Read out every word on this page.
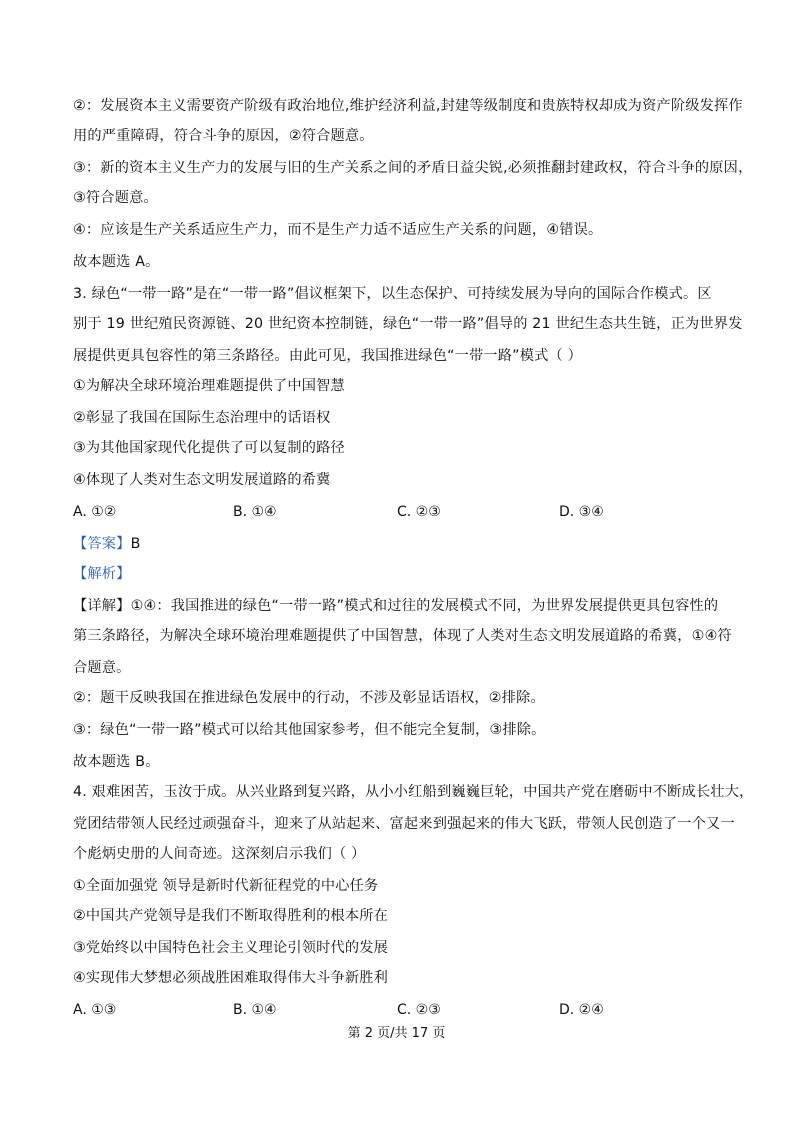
②：发展资本主义需要资产阶级有政治地位,维护经济利益,封建等级制度和贵族特权却成为资产阶级发挥作
用的严重障碍，符合斗争的原因，②符合题意。
③：新的资本主义生产力的发展与旧的生产关系之间的矛盾日益尖锐,必须推翻封建政权，符合斗争的原因，
③符合题意。
④：应该是生产关系适应生产力，而不是生产力适不适应生产关系的问题，④错误。
故本题选 A。
3. 绿色“一带一路”是在“一带一路”倡议框架下，以生态保护、可持续发展为导向的国际合作模式。区
别于 19 世纪殖民资源链、20 世纪资本控制链，绿色“一带一路”倡导的 21 世纪生态共生链，正为世界发
展提供更具包容性的第三条路径。由此可见，我国推进绿色“一带一路”模式（ ）
①为解决全球环境治理难题提供了中国智慧
②彰显了我国在国际生态治理中的话语权
③为其他国家现代化提供了可以复制的路径
④体现了人类对生态文明发展道路的希冀
A. ①②	B. ①④	C. ②③	D. ③④
【答案】B
【解析】
【详解】①④：我国推进的绿色“一带一路”模式和过往的发展模式不同，为世界发展提供更具包容性的
第三条路径，为解决全球环境治理难题提供了中国智慧，体现了人类对生态文明发展道路的希冀，①④符
合题意。
②：题干反映我国在推进绿色发展中的行动，不涉及彰显话语权，②排除。
③：绿色“一带一路”模式可以给其他国家参考，但不能完全复制，③排除。
故本题选 B。
4. 艰难困苦，玉汝于成。从兴业路到复兴路，从小小红船到巍巍巨轮，中国共产党在磨砺中不断成长壮大，
党团结带领人民经过顽强奋斗，迎来了从站起来、富起来到强起来的伟大飞跃，带领人民创造了一个又一
个彪炳史册的人间奇迹。这深刻启示我们（ ）
①全面加强党 领导是新时代新征程党的中心任务
②中国共产党领导是我们不断取得胜利的根本所在
③党始终以中国特色社会主义理论引领时代的发展
④实现伟大梦想必须战胜困难取得伟大斗争新胜利
A. ①③	B. ①④	C. ②③	D. ②④
第 2 页/共 17 页
